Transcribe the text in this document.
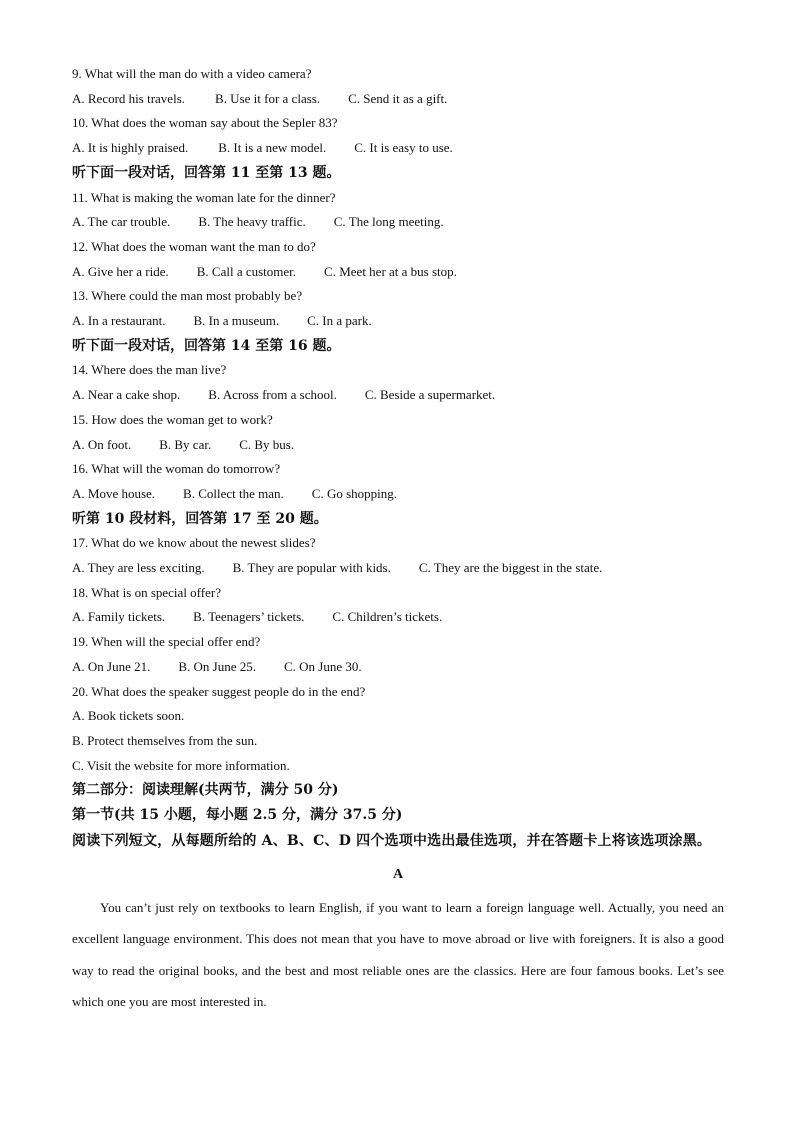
9. What will the man do with a video camera?
A. Record his travels. B. Use it for a class. C. Send it as a gift.
10. What does the woman say about the Sepler 83?
A. It is highly praised. B. It is a new model. C. It is easy to use.
听下面一段对话，回答第 11 至第 13 题。
11. What is making the woman late for the dinner?
A. The car trouble. B. The heavy traffic. C. The long meeting.
12. What does the woman want the man to do?
A. Give her a ride. B. Call a customer. C. Meet her at a bus stop.
13. Where could the man most probably be?
A. In a restaurant. B. In a museum. C. In a park.
听下面一段对话，回答第 14 至第 16 题。
14. Where does the man live?
A. Near a cake shop. B. Across from a school. C. Beside a supermarket.
15. How does the woman get to work?
A. On foot. B. By car. C. By bus.
16. What will the woman do tomorrow?
A. Move house. B. Collect the man. C. Go shopping.
听第 10 段材料，回答第 17 至 20 题。
17. What do we know about the newest slides?
A. They are less exciting. B. They are popular with kids. C. They are the biggest in the state.
18. What is on special offer?
A. Family tickets. B. Teenagers’ tickets. C. Children’s tickets.
19. When will the special offer end?
A. On June 21. B. On June 25. C. On June 30.
20. What does the speaker suggest people do in the end?
A. Book tickets soon.
B. Protect themselves from the sun.
C. Visit the website for more information.
第二部分：阅读理解(共两节，满分 50 分)
第一节(共 15 小题，每小题 2.5 分，满分 37.5 分)
阅读下列短文，从每题所给的 A、B、C、D 四个选项中选出最佳选项，并在答题卡上将该选项涂黑。
A
You can’t just rely on textbooks to learn English, if you want to learn a foreign language well. Actually, you need an excellent language environment. This does not mean that you have to move abroad or live with foreigners. It is also a good way to read the original books, and the best and most reliable ones are the classics. Here are four famous books. Let’s see which one you are most interested in.
